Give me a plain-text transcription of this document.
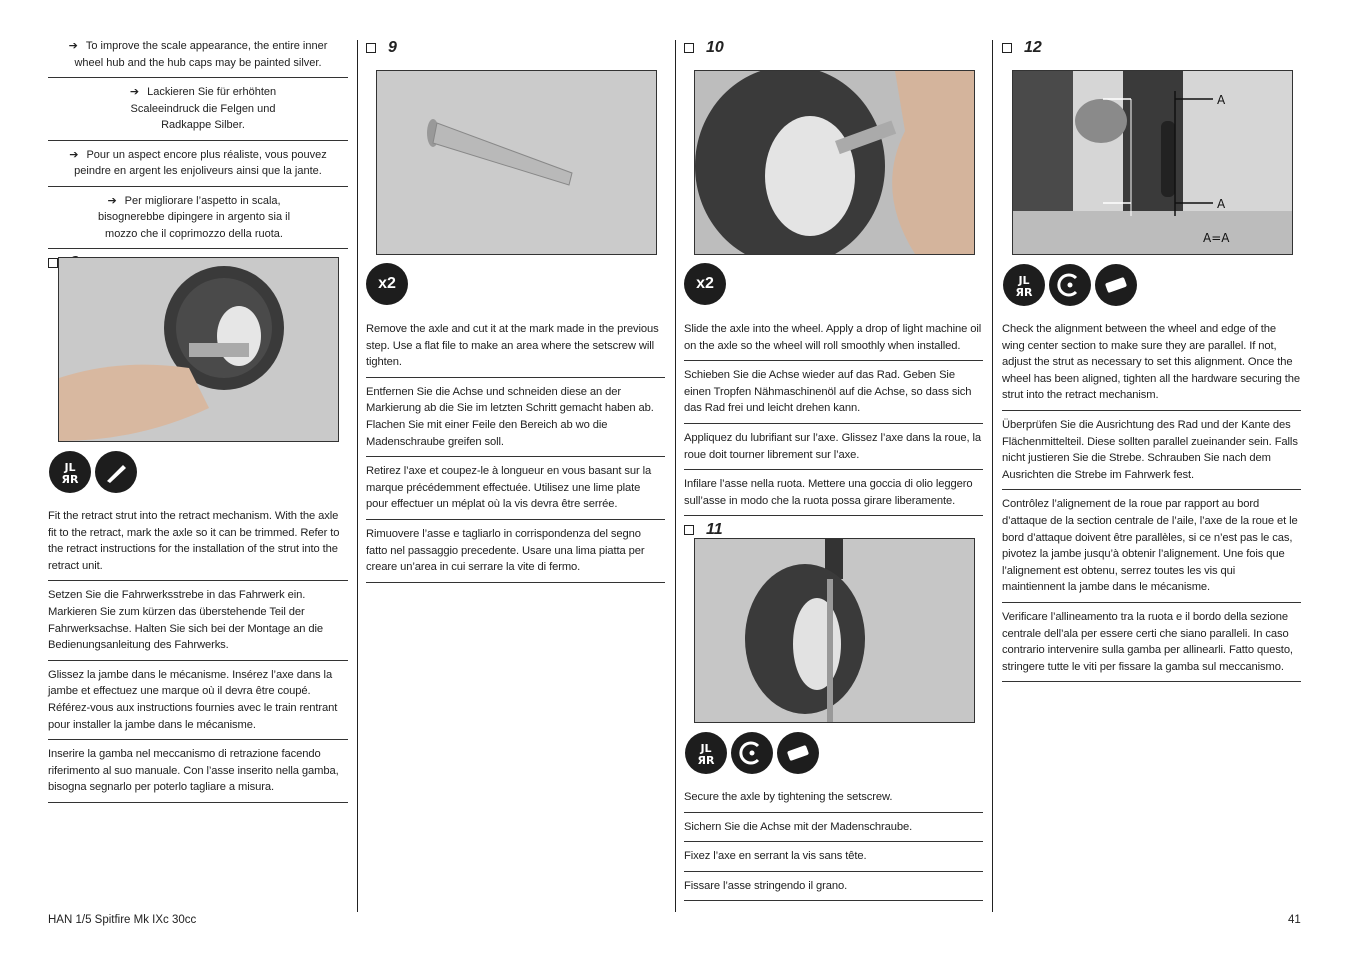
➔ To improve the scale appearance, the entire inner wheel hub and the hub caps may be painted silver.
➔ Lackieren Sie für erhöhten Scaleeindruck die Felgen und Radkappe Silber.
➔ Pour un aspect encore plus réaliste, vous pouvez peindre en argent les enjoliveurs ainsi que la jante.
➔ Per migliorare l’aspetto in scala, bisognerebbe dipingere in argento sia il mozzo che il coprimozzo della ruota.
JL
ЯR
Fit the retract strut into the retract mechanism. With the axle fit to the retract, mark the axle so it can be trimmed. Refer to the retract instructions for the installation of the strut into the retract unit.
Setzen Sie die Fahrwerksstrebe in das Fahrwerk ein. Markieren Sie zum kürzen das überstehende Teil der Fahrwerksachse. Halten Sie sich bei der Montage an die Bedienungsanleitung des Fahrwerks.
Glissez la jambe dans le mécanisme. Insérez l’axe dans la jambe et effectuez une marque où il devra être coupé. Référez-vous aux instructions fournies avec le train rentrant pour installer la jambe dans le mécanisme.
Inserire la gamba nel meccanismo di retrazione facendo riferimento al suo manuale. Con l’asse inserito nella gamba, bisogna segnarlo per poterlo tagliare a misura.
9
x2
Remove the axle and cut it at the mark made in the previous step. Use a flat file to make an area where the setscrew will tighten.
Entfernen Sie die Achse und schneiden diese an der Markierung ab die Sie im letzten Schritt gemacht haben ab. Flachen Sie mit einer Feile den Bereich ab wo die Madenschraube greifen soll.
Retirez l’axe et coupez-le à longueur en vous basant sur la marque précédemment effectuée. Utilisez une lime plate pour effectuer un méplat où la vis devra être serrée.
Rimuovere l’asse e tagliarlo in corrispondenza del segno fatto nel passaggio precedente. Usare una lima piatta per creare un’area in cui serrare la vite di fermo.
10
x2
Slide the axle into the wheel. Apply a drop of light machine oil on the axle so the wheel will roll smoothly when installed.
Schieben Sie die Achse wieder auf das Rad. Geben Sie einen Tropfen Nähmaschinenöl auf die Achse, so dass sich das Rad frei und leicht drehen kann.
Appliquez du lubrifiant sur l’axe. Glissez l’axe dans la roue, la roue doit tourner librement sur l’axe.
Infilare l’asse nella ruota. Mettere una goccia di olio leggero sull’asse in modo che la ruota possa girare liberamente.
11
JL
ЯR
Secure the axle by tightening the setscrew.
Sichern Sie die Achse mit der Madenschraube.
Fixez l’axe en serrant la vis sans tête.
Fissare l’asse stringendo il grano.
12
A
A
A=A
JL
ЯR
Check the alignment between the wheel and edge of the wing center section to make sure they are parallel. If not, adjust the strut as necessary to set this alignment. Once the wheel has been aligned, tighten all the hardware securing the strut into the retract mechanism.
Überprüfen Sie die Ausrichtung des Rad und der Kante des Flächenmittelteil. Diese sollten parallel zueinander sein. Falls nicht justieren Sie die Strebe. Schrauben Sie nach dem Ausrichten die Strebe im Fahrwerk fest.
Contrôlez l’alignement de la roue par rapport au bord d’attaque de la section centrale de l’aile, l’axe de la roue et le bord d’attaque doivent être parallèles, si ce n’est pas le cas, pivotez la jambe jusqu’à obtenir l’alignement. Une fois que l’alignement est obtenu, serrez toutes les vis qui maintiennent la jambe dans le mécanisme.
Verificare l’allineamento tra la ruota e il bordo della sezione centrale dell’ala per essere certi che siano paralleli. In caso contrario intervenire sulla gamba per allinearli. Fatto questo, stringere tutte le viti per fissare la gamba sul meccanismo.
HAN 1/5 Spitfire Mk IXc 30cc	41
